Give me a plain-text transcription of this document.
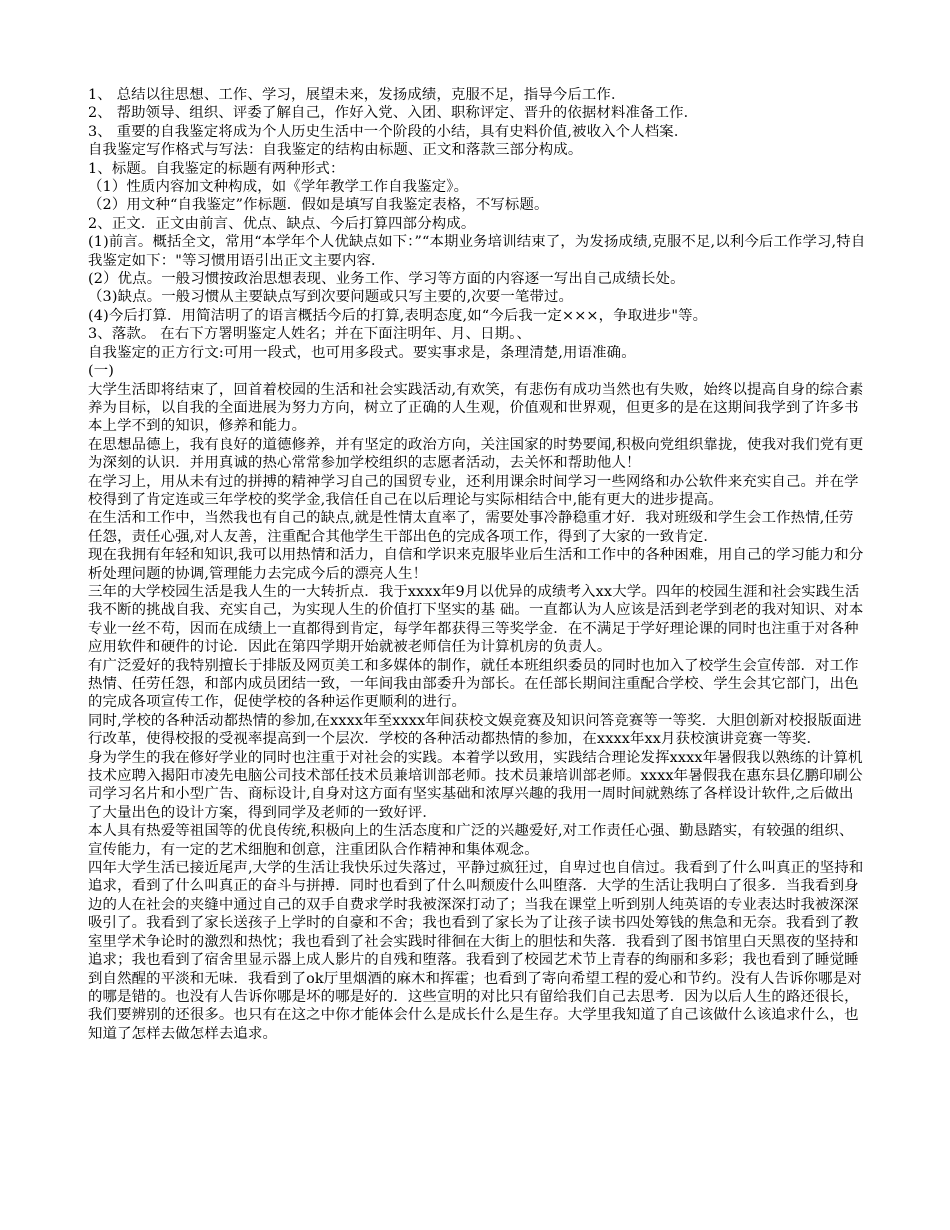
1、 总结以往思想、工作、学习，展望未来，发扬成绩，克服不足，指导今后工作．

2、 帮助领导、组织、评委了解自己，作好入党、入团、职称评定、晋升的依据材料准备工作．

3、 重要的自我鉴定将成为个人历史生活中一个阶段的小结，具有史料价值,被收入个人档案．

自我鉴定写作格式与写法：自我鉴定的结构由标题、正文和落款三部分构成。

1、标题。自我鉴定的标题有两种形式：

（1）性质内容加文种构成，如《学年教学工作自我鉴定》。

（2）用文种“自我鉴定”作标题．假如是填写自我鉴定表格，不写标题。

2、正文．正文由前言、优点、缺点、今后打算四部分构成。

(1)前言。概括全文，常用“本学年个人优缺点如下：”“本期业务培训结束了，为发扬成绩,克服不足,以利今后工作学习,特自我鉴定如下："等习惯用语引出正文主要内容．

(2）优点。一般习惯按政治思想表现、业务工作、学习等方面的内容逐一写出自己成绩长处。

（3)缺点。一般习惯从主要缺点写到次要问题或只写主要的,次要一笔带过。

(4)今后打算．用简洁明了的语言概括今后的打算,表明态度,如“今后我一定×××，争取进步"等。

3、落款。 在右下方署明鉴定人姓名；并在下面注明年、月、日期。、

自我鉴定的正方行文:可用一段式，也可用多段式。要实事求是，条理清楚,用语准确。

(一)

大学生活即将结束了，回首着校园的生活和社会实践活动,有欢笑，有悲伤有成功当然也有失败，始终以提高自身的综合素养为目标，以自我的全面进展为努力方向，树立了正确的人生观，价值观和世界观，但更多的是在这期间我学到了许多书本上学不到的知识，修养和能力。

在思想品德上，我有良好的道德修养，并有坚定的政治方向，关注国家的时势要闻,积极向党组织靠拢，使我对我们党有更为深刻的认识．并用真诚的热心常常参加学校组织的志愿者活动，去关怀和帮助他人！

在学习上，用从未有过的拼搏的精神学习自己的国贸专业，还利用课余时间学习一些网络和办公软件来充实自己。并在学校得到了肯定连或三年学校的奖学金,我信任自己在以后理论与实际相结合中,能有更大的进步提高。

在生活和工作中，当然我也有自己的缺点,就是性情太直率了，需要处事冷静稳重才好．我对班级和学生会工作热情,任劳任怨，责任心强,对人友善，注重配合其他学生干部出色的完成各项工作，得到了大家的一致肯定．

现在我拥有年轻和知识,我可以用热情和活力，自信和学识来克服毕业后生活和工作中的各种困难，用自己的学习能力和分析处理问题的协调,管理能力去完成今后的漂亮人生！

三年的大学校园生活是我人生的一大转折点．我于xxxx年9月以优异的成绩考入xx大学。四年的校园生涯和社会实践生活我不断的挑战自我、充实自己，为实现人生的价值打下坚实的基 础。一直都认为人应该是活到老学到老的我对知识、对本专业一丝不苟，因而在成绩上一直都得到肯定，每学年都获得三等奖学金．在不满足于学好理论课的同时也注重于对各种应用软件和硬件的讨论．因此在第四学期开始就被老师信任为计算机房的负责人。

有广泛爱好的我特别擅长于排版及网页美工和多媒体的制作，就任本班组织委员的同时也加入了校学生会宣传部．对工作热情、任劳任怨，和部内成员团结一致，一年间我由部委升为部长。在任部长期间注重配合学校、学生会其它部门，出色的完成各项宣传工作，促使学校的各种运作更顺利的进行。

同时,学校的各种活动都热情的参加,在xxxx年至xxxx年间获校文娱竞赛及知识问答竞赛等一等奖．大胆创新对校报版面进行改革，使得校报的受视率提高到一个层次．学校的各种活动都热情的参加，在xxxx年xx月获校演讲竞赛一等奖．

身为学生的我在修好学业的同时也注重于对社会的实践。本着学以致用，实践结合理论发挥xxxx年暑假我以熟练的计算机技术应聘入揭阳市凌先电脑公司技术部任技术员兼培训部老师。技术员兼培训部老师。xxxx年暑假我在惠东县亿鹏印刷公司学习名片和小型广告、商标设计,自身对这方面有坚实基础和浓厚兴趣的我用一周时间就熟练了各样设计软件,之后做出了大量出色的设计方案，得到同学及老师的一致好评．

本人具有热爱等祖国等的优良传统,积极向上的生活态度和广泛的兴趣爱好,对工作责任心强、勤恳踏实，有较强的组织、宣传能力，有一定的艺术细胞和创意，注重团队合作精神和集体观念。

四年大学生活已接近尾声,大学的生活让我快乐过失落过，平静过疯狂过，自卑过也自信过。我看到了什么叫真正的坚持和追求，看到了什么叫真正的奋斗与拼搏．同时也看到了什么叫颓废什么叫堕落．大学的生活让我明白了很多．当我看到身边的人在社会的夹缝中通过自己的双手自费求学时我被深深打动了；当我在课堂上听到别人纯英语的专业表达时我被深深吸引了。我看到了家长送孩子上学时的自豪和不舍；我也看到了家长为了让孩子读书四处筹钱的焦急和无奈。我看到了教室里学术争论时的激烈和热忱；我也看到了社会实践时徘徊在大街上的胆怯和失落．我看到了图书馆里白天黑夜的坚持和追求；我也看到了宿舍里显示器上成人影片的自残和堕落。我看到了校园艺术节上青春的绚丽和多彩；我也看到了睡觉睡到自然醒的平淡和无味．我看到了ok厅里烟酒的麻木和挥霍；也看到了寄向希望工程的爱心和节约。没有人告诉你哪是对的哪是错的。也没有人告诉你哪是坏的哪是好的．这些宣明的对比只有留给我们自己去思考．因为以后人生的路还很长，我们要辨别的还很多。也只有在这之中你才能体会什么是成长什么是生存。大学里我知道了自己该做什么该追求什么，也知道了怎样去做怎样去追求。
